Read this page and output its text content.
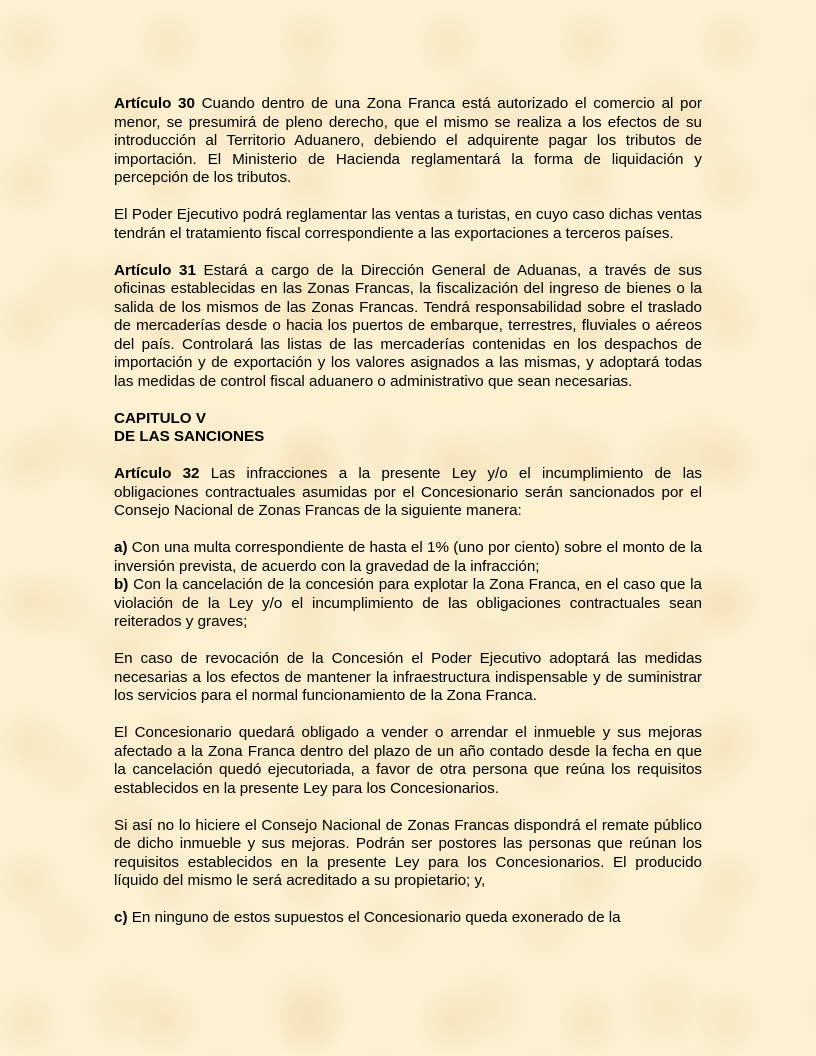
Artículo 30 Cuando dentro de una Zona Franca está autorizado el comercio al por menor, se presumirá de pleno derecho, que el mismo se realiza a los efectos de su introducción al Territorio Aduanero, debiendo el adquirente pagar los tributos de importación. El Ministerio de Hacienda reglamentará la forma de liquidación y percepción de los tributos.

El Poder Ejecutivo podrá reglamentar las ventas a turistas, en cuyo caso dichas ventas tendrán el tratamiento fiscal correspondiente a las exportaciones a terceros países.

Artículo 31 Estará a cargo de la Dirección General de Aduanas, a través de sus oficinas establecidas en las Zonas Francas, la fiscalización del ingreso de bienes o la salida de los mismos de las Zonas Francas. Tendrá responsabilidad sobre el traslado de mercaderías desde o hacia los puertos de embarque, terrestres, fluviales o aéreos del país. Controlará las listas de las mercaderías contenidas en los despachos de importación y de exportación y los valores asignados a las mismas, y adoptará todas las medidas de control fiscal aduanero o administrativo que sean necesarias.

CAPITULO V
DE LAS SANCIONES

Artículo 32 Las infracciones a la presente Ley y/o el incumplimiento de las obligaciones contractuales asumidas por el Concesionario serán sancionados por el Consejo Nacional de Zonas Francas de la siguiente manera:

a) Con una multa correspondiente de hasta el 1% (uno por ciento) sobre el monto de la inversión prevista, de acuerdo con la gravedad de la infracción;

b) Con la cancelación de la concesión para explotar la Zona Franca, en el caso que la violación de la Ley y/o el incumplimiento de las obligaciones contractuales sean reiterados y graves;

En caso de revocación de la Concesión el Poder Ejecutivo adoptará las medidas necesarias a los efectos de mantener la infraestructura indispensable y de suministrar los servicios para el normal funcionamiento de la Zona Franca.

El Concesionario quedará obligado a vender o arrendar el inmueble y sus mejoras afectado a la Zona Franca dentro del plazo de un año contado desde la fecha en que la cancelación quedó ejecutoriada, a favor de otra persona que reúna los requisitos establecidos en la presente Ley para los Concesionarios.

Si así no lo hiciere el Consejo Nacional de Zonas Francas dispondrá el remate público de dicho inmueble y sus mejoras. Podrán ser postores las personas que reúnan los requisitos establecidos en la presente Ley para los Concesionarios. El producido líquido del mismo le será acreditado a su propietario; y,

c) En ninguno de estos supuestos el Concesionario queda exonerado de la
